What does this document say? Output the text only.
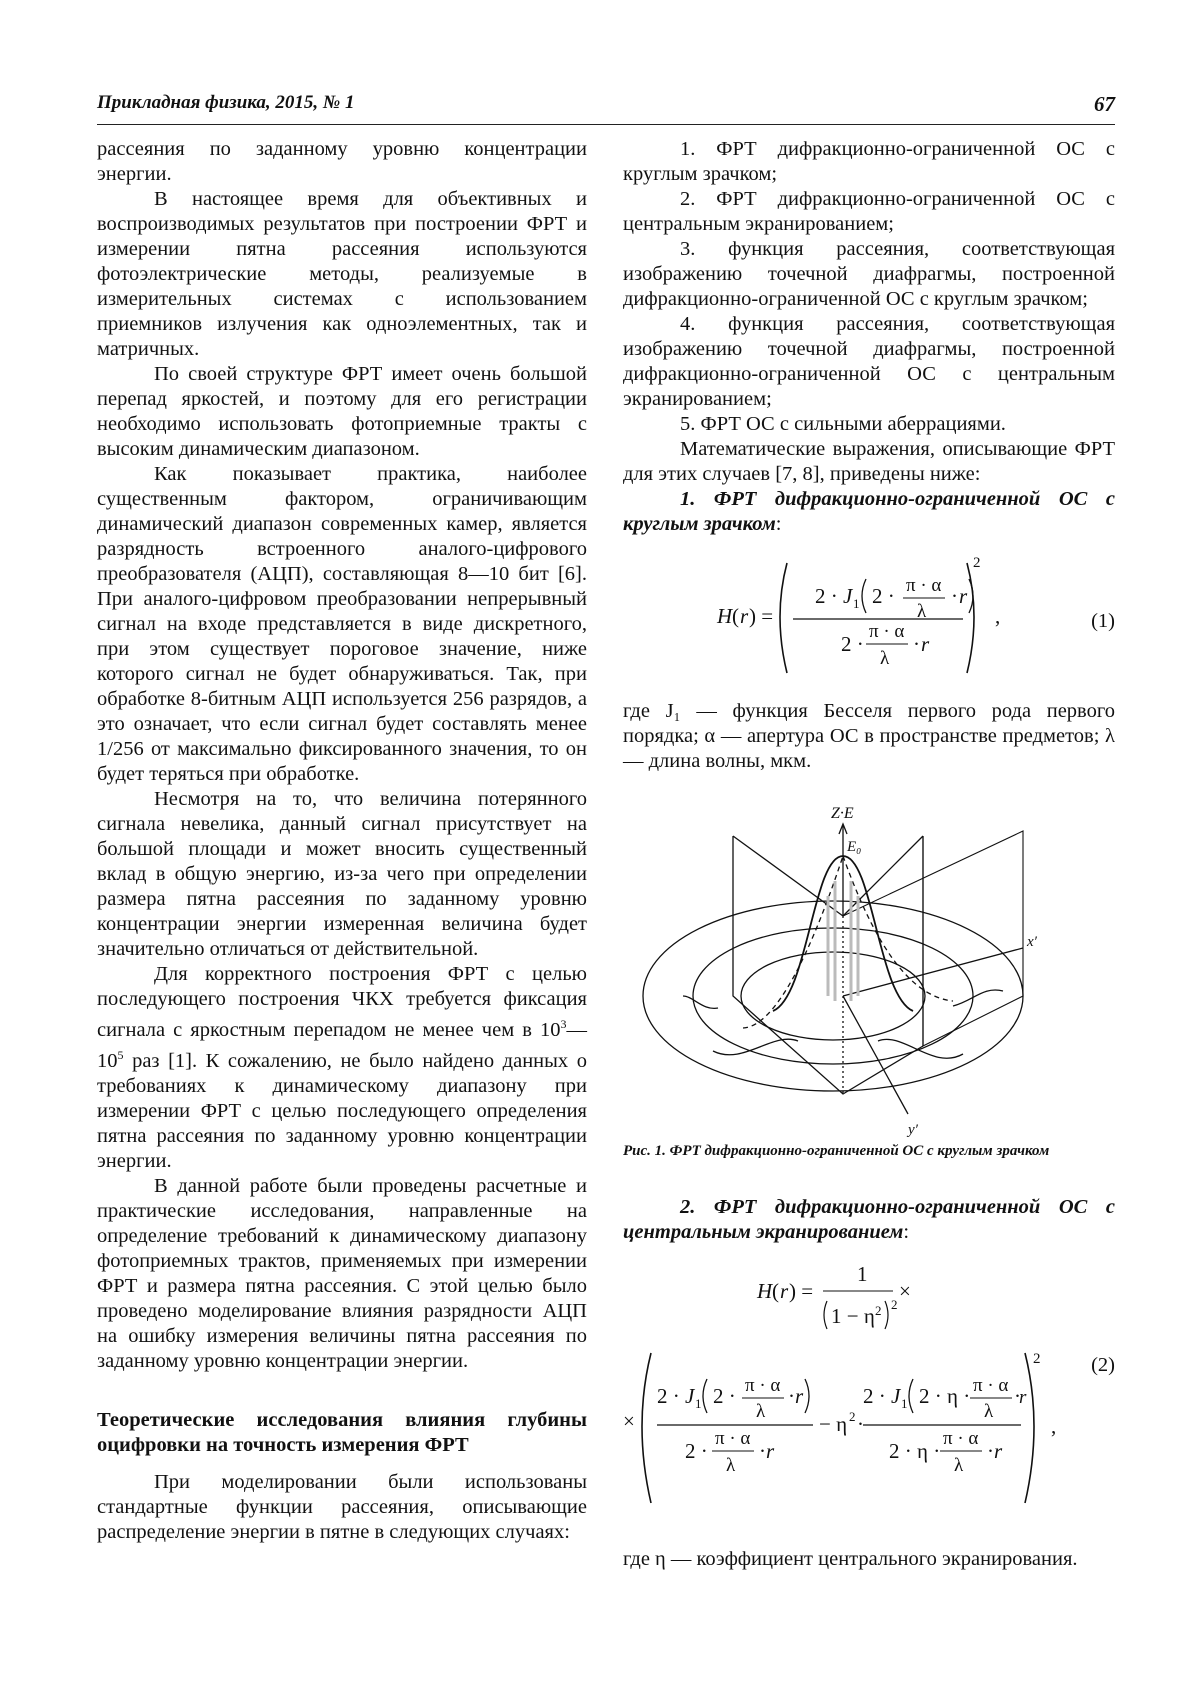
Прикладная физика, 2015, № 1	67

рассеяния по заданному уровню концентрации энергии.

В настоящее время для объективных и воспроизводимых результатов при построении ФРТ и измерении пятна рассеяния используются фотоэлектрические методы, реализуемые в измерительных системах с использованием приемников излучения как одноэлементных, так и матричных.

По своей структуре ФРТ имеет очень большой перепад яркостей, и поэтому для его регистрации необходимо использовать фотоприемные тракты с высоким динамическим диапазоном.

Как показывает практика, наиболее существенным фактором, ограничивающим динамический диапазон современных камер, является разрядность встроенного аналого-цифрового преобразователя (АЦП), составляющая 8—10 бит [6]. При аналого-цифровом преобразовании непрерывный сигнал на входе представляется в виде дискретного, при этом существует пороговое значение, ниже которого сигнал не будет обнаруживаться. Так, при обработке 8-битным АЦП используется 256 разрядов, а это означает, что если сигнал будет составлять менее 1/256 от максимально фиксированного значения, то он будет теряться при обработке.

Несмотря на то, что величина потерянного сигнала невелика, данный сигнал присутствует на большой площади и может вносить существенный вклад в общую энергию, из-за чего при определении размера пятна рассеяния по заданному уровню концентрации энергии измеренная величина будет значительно отличаться от действительной.

Для корректного построения ФРТ с целью последующего построения ЧКХ требуется фиксация сигнала с яркостным перепадом не менее чем в $10^3—10^5$ раз [1]. К сожалению, не было найдено данных о требованиях к динамическому диапазону при измерении ФРТ с целью последующего определения пятна рассеяния по заданному уровню концентрации энергии.

В данной работе были проведены расчетные и практические исследования, направленные на определение требований к динамическому диапазону фотоприемных трактов, применяемых при измерении ФРТ и размера пятна рассеяния. С этой целью было проведено моделирование влияния разрядности АЦП на ошибку измерения величины пятна рассеяния по заданному уровню концентрации энергии.

Теоретические исследования влияния глубины оцифровки на точность измерения ФРТ

При моделировании были использованы стандартные функции рассеяния, описывающие распределение энергии в пятне в следующих случаях:

1. ФРТ дифракционно-ограниченной ОС с круглым зрачком;

2. ФРТ дифракционно-ограниченной ОС с центральным экранированием;

3. функция рассеяния, соответствующая изображению точечной диафрагмы, построенной дифракционно-ограниченной ОС с круглым зрачком;

4. функция рассеяния, соответствующая изображению точечной диафрагмы, построенной дифракционно-ограниченной ОС с центральным экранированием;

5. ФРТ ОС с сильными аберрациями.

Математические выражения, описывающие ФРТ для этих случаев [7, 8], приведены ниже:

1. ФРТ дифракционно-ограниченной ОС с круглым зрачком:

H ( r ) =
2
2 · J 1 2 · π · α
λ
· r
2 ·
π · α
λ
· r
,	(1)

где J₁ — функция Бесселя первого рода первого порядка; α — апертура ОС в пространстве предметов; λ — длина волны, мкм.

Z·E
E₀
x′
y′

Рис. 1. ФРТ дифракционно-ограниченной ОС с круглым зрачком

2. ФРТ дифракционно-ограниченной ОС с центральным экранированием:

H ( r ) =
1
1 − η 2 2
×
×
2
2 · J 1 2 · π · α
λ
· r
2 ·
π · α
λ
· r
− η 2 ·
2 · J 1 2 · η · π · α
λ
·
r
2 · η ·
π · α
λ
· r
,
(2)

где η — коэффициент центрального экранирования.
